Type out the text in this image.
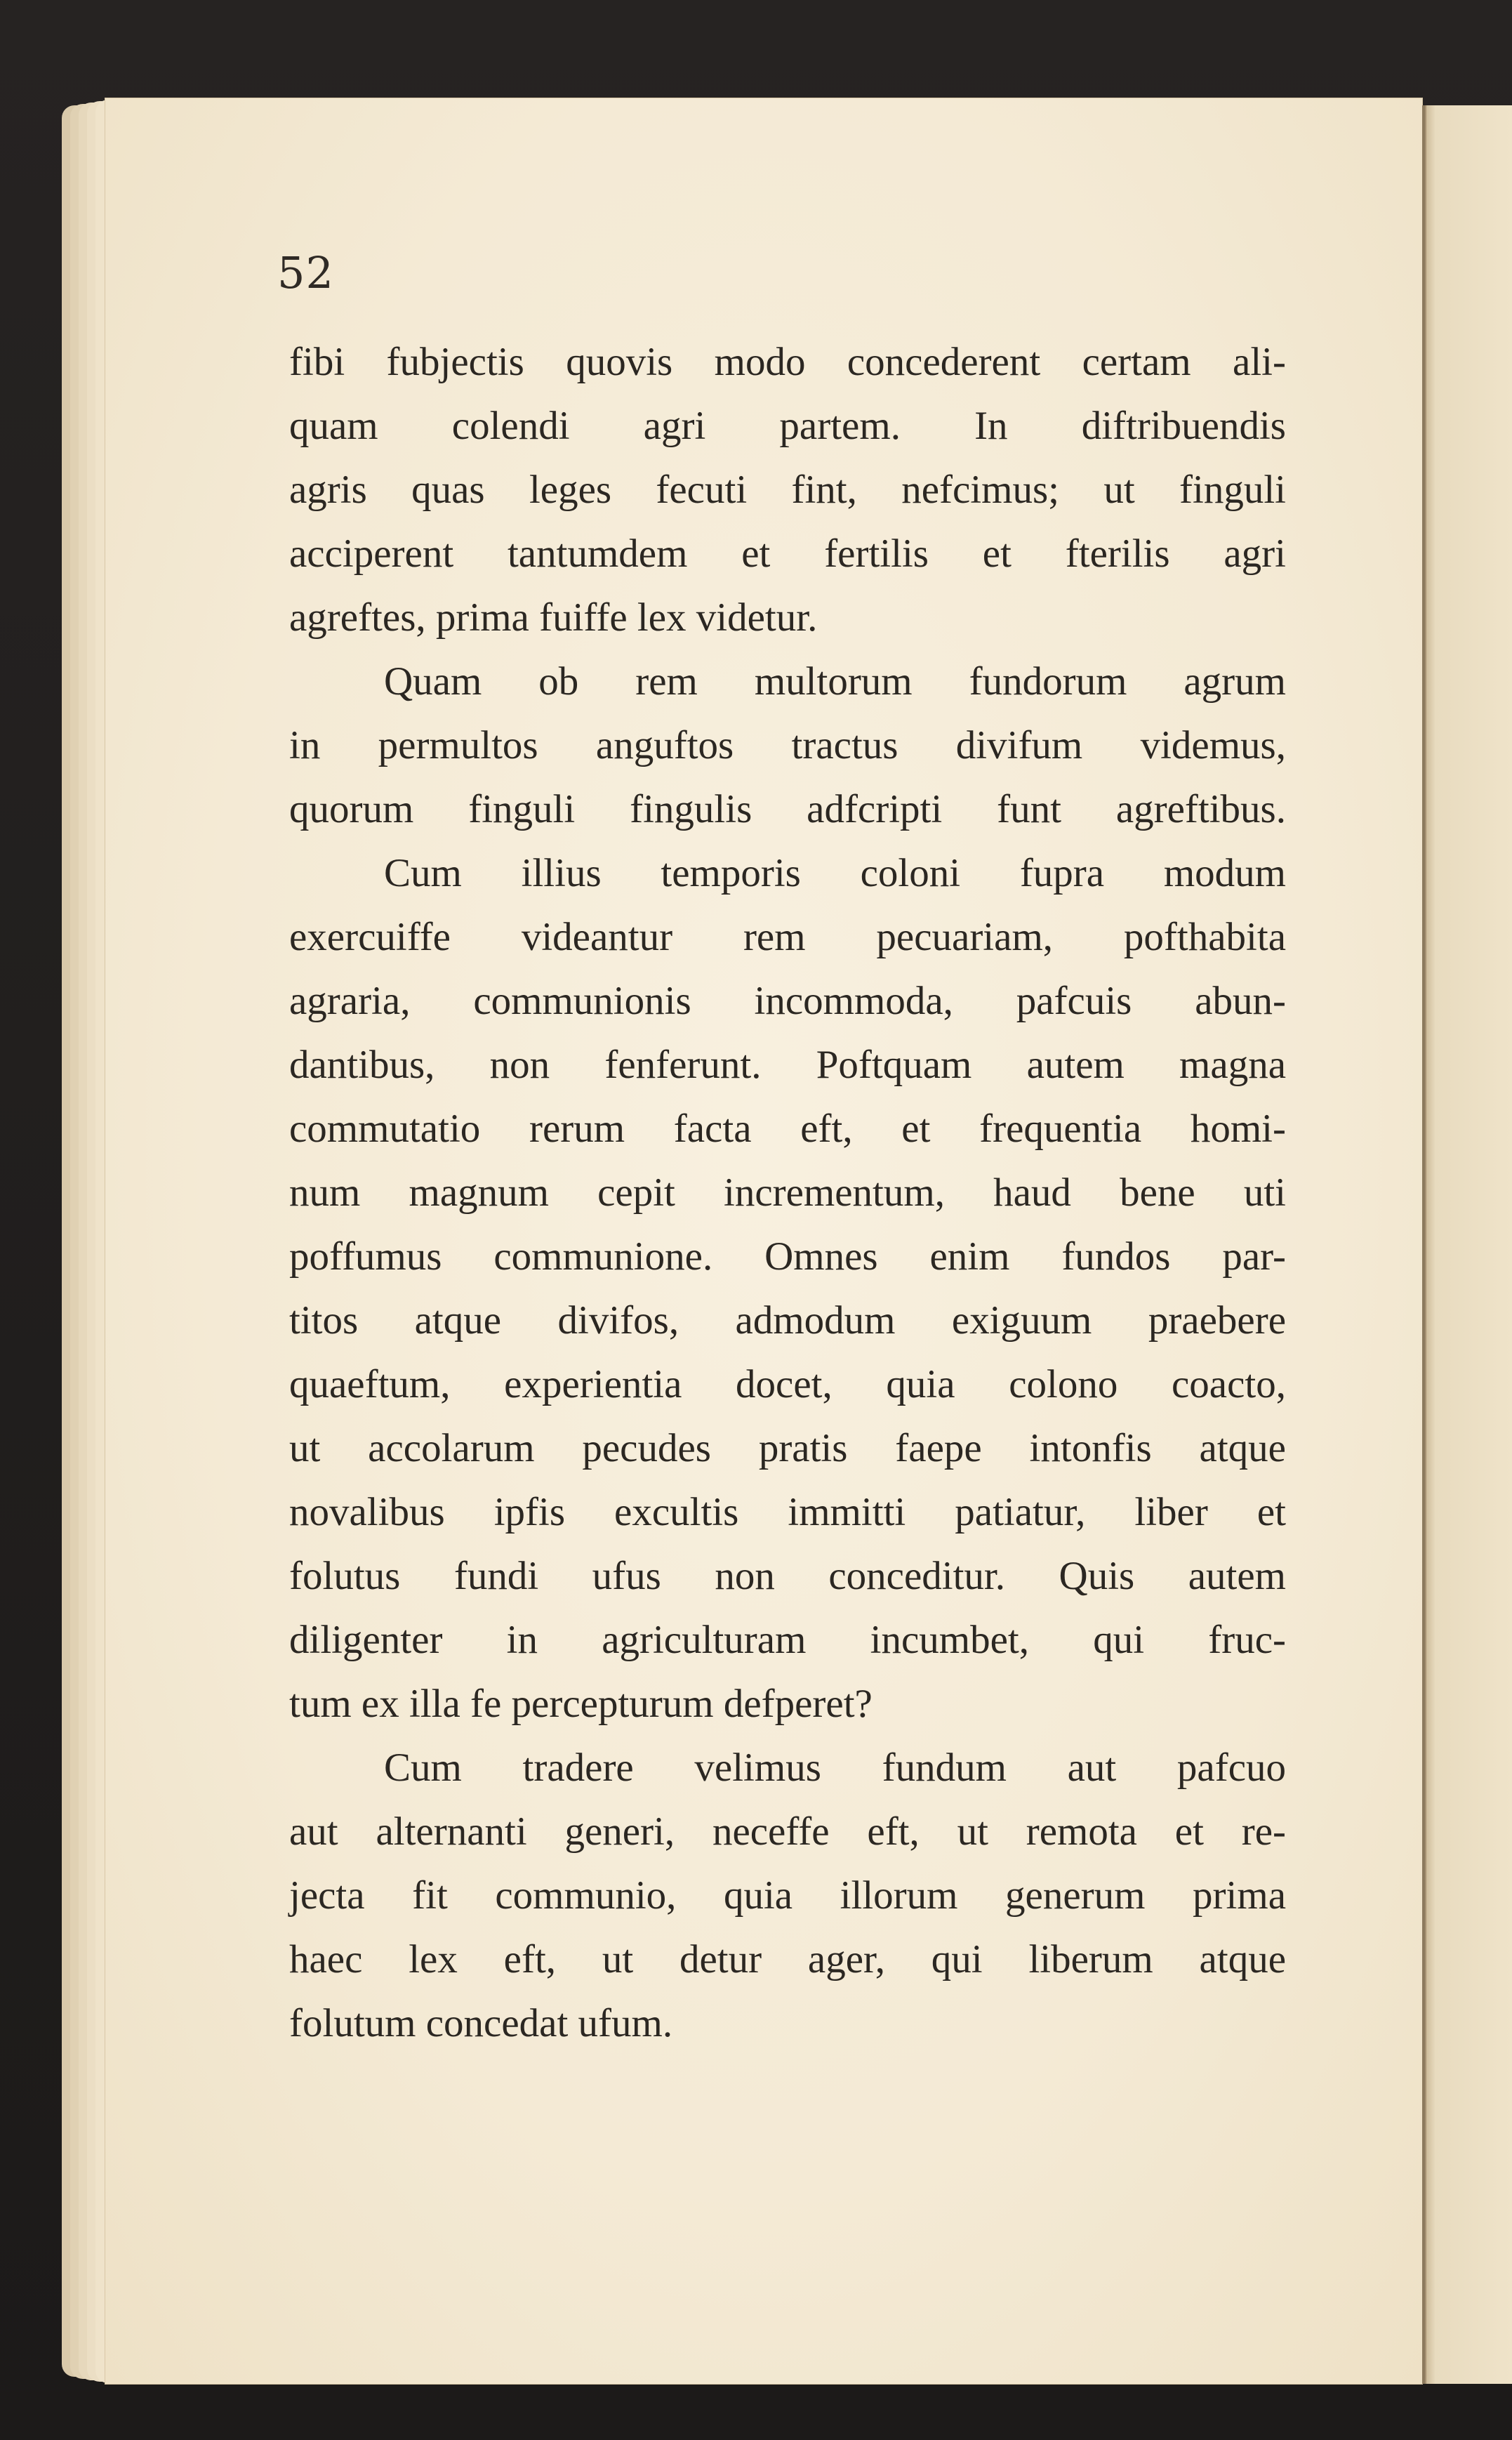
52
fibi fubjectis quovis modo concederent certam ali-
quam colendi agri partem. In diftribuendis
agris quas leges fecuti fint, nefcimus; ut finguli
acciperent tantumdem et fertilis et fterilis agri
agreftes, prima fuiffe lex videtur.
Quam ob rem multorum fundorum agrum
in permultos anguftos tractus divifum videmus,
quorum finguli fingulis adfcripti funt agreftibus.
Cum illius temporis coloni fupra modum
exercuiffe videantur rem pecuariam, pofthabita
agraria, communionis incommoda, pafcuis abun-
dantibus, non fenferunt. Poftquam autem magna
commutatio rerum facta eft, et frequentia homi-
num magnum cepit incrementum, haud bene uti
poffumus communione. Omnes enim fundos par-
titos atque divifos, admodum exiguum praebere
quaeftum, experientia docet, quia colono coacto,
ut accolarum pecudes pratis faepe intonfis atque
novalibus ipfis excultis immitti patiatur, liber et
folutus fundi ufus non conceditur. Quis autem
diligenter in agriculturam incumbet, qui fruc-
tum ex illa fe percepturum defperet?
Cum tradere velimus fundum aut pafcuo
aut alternanti generi, neceffe eft, ut remota et re-
jecta fit communio, quia illorum generum prima
haec lex eft, ut detur ager, qui liberum atque
folutum concedat ufum.
